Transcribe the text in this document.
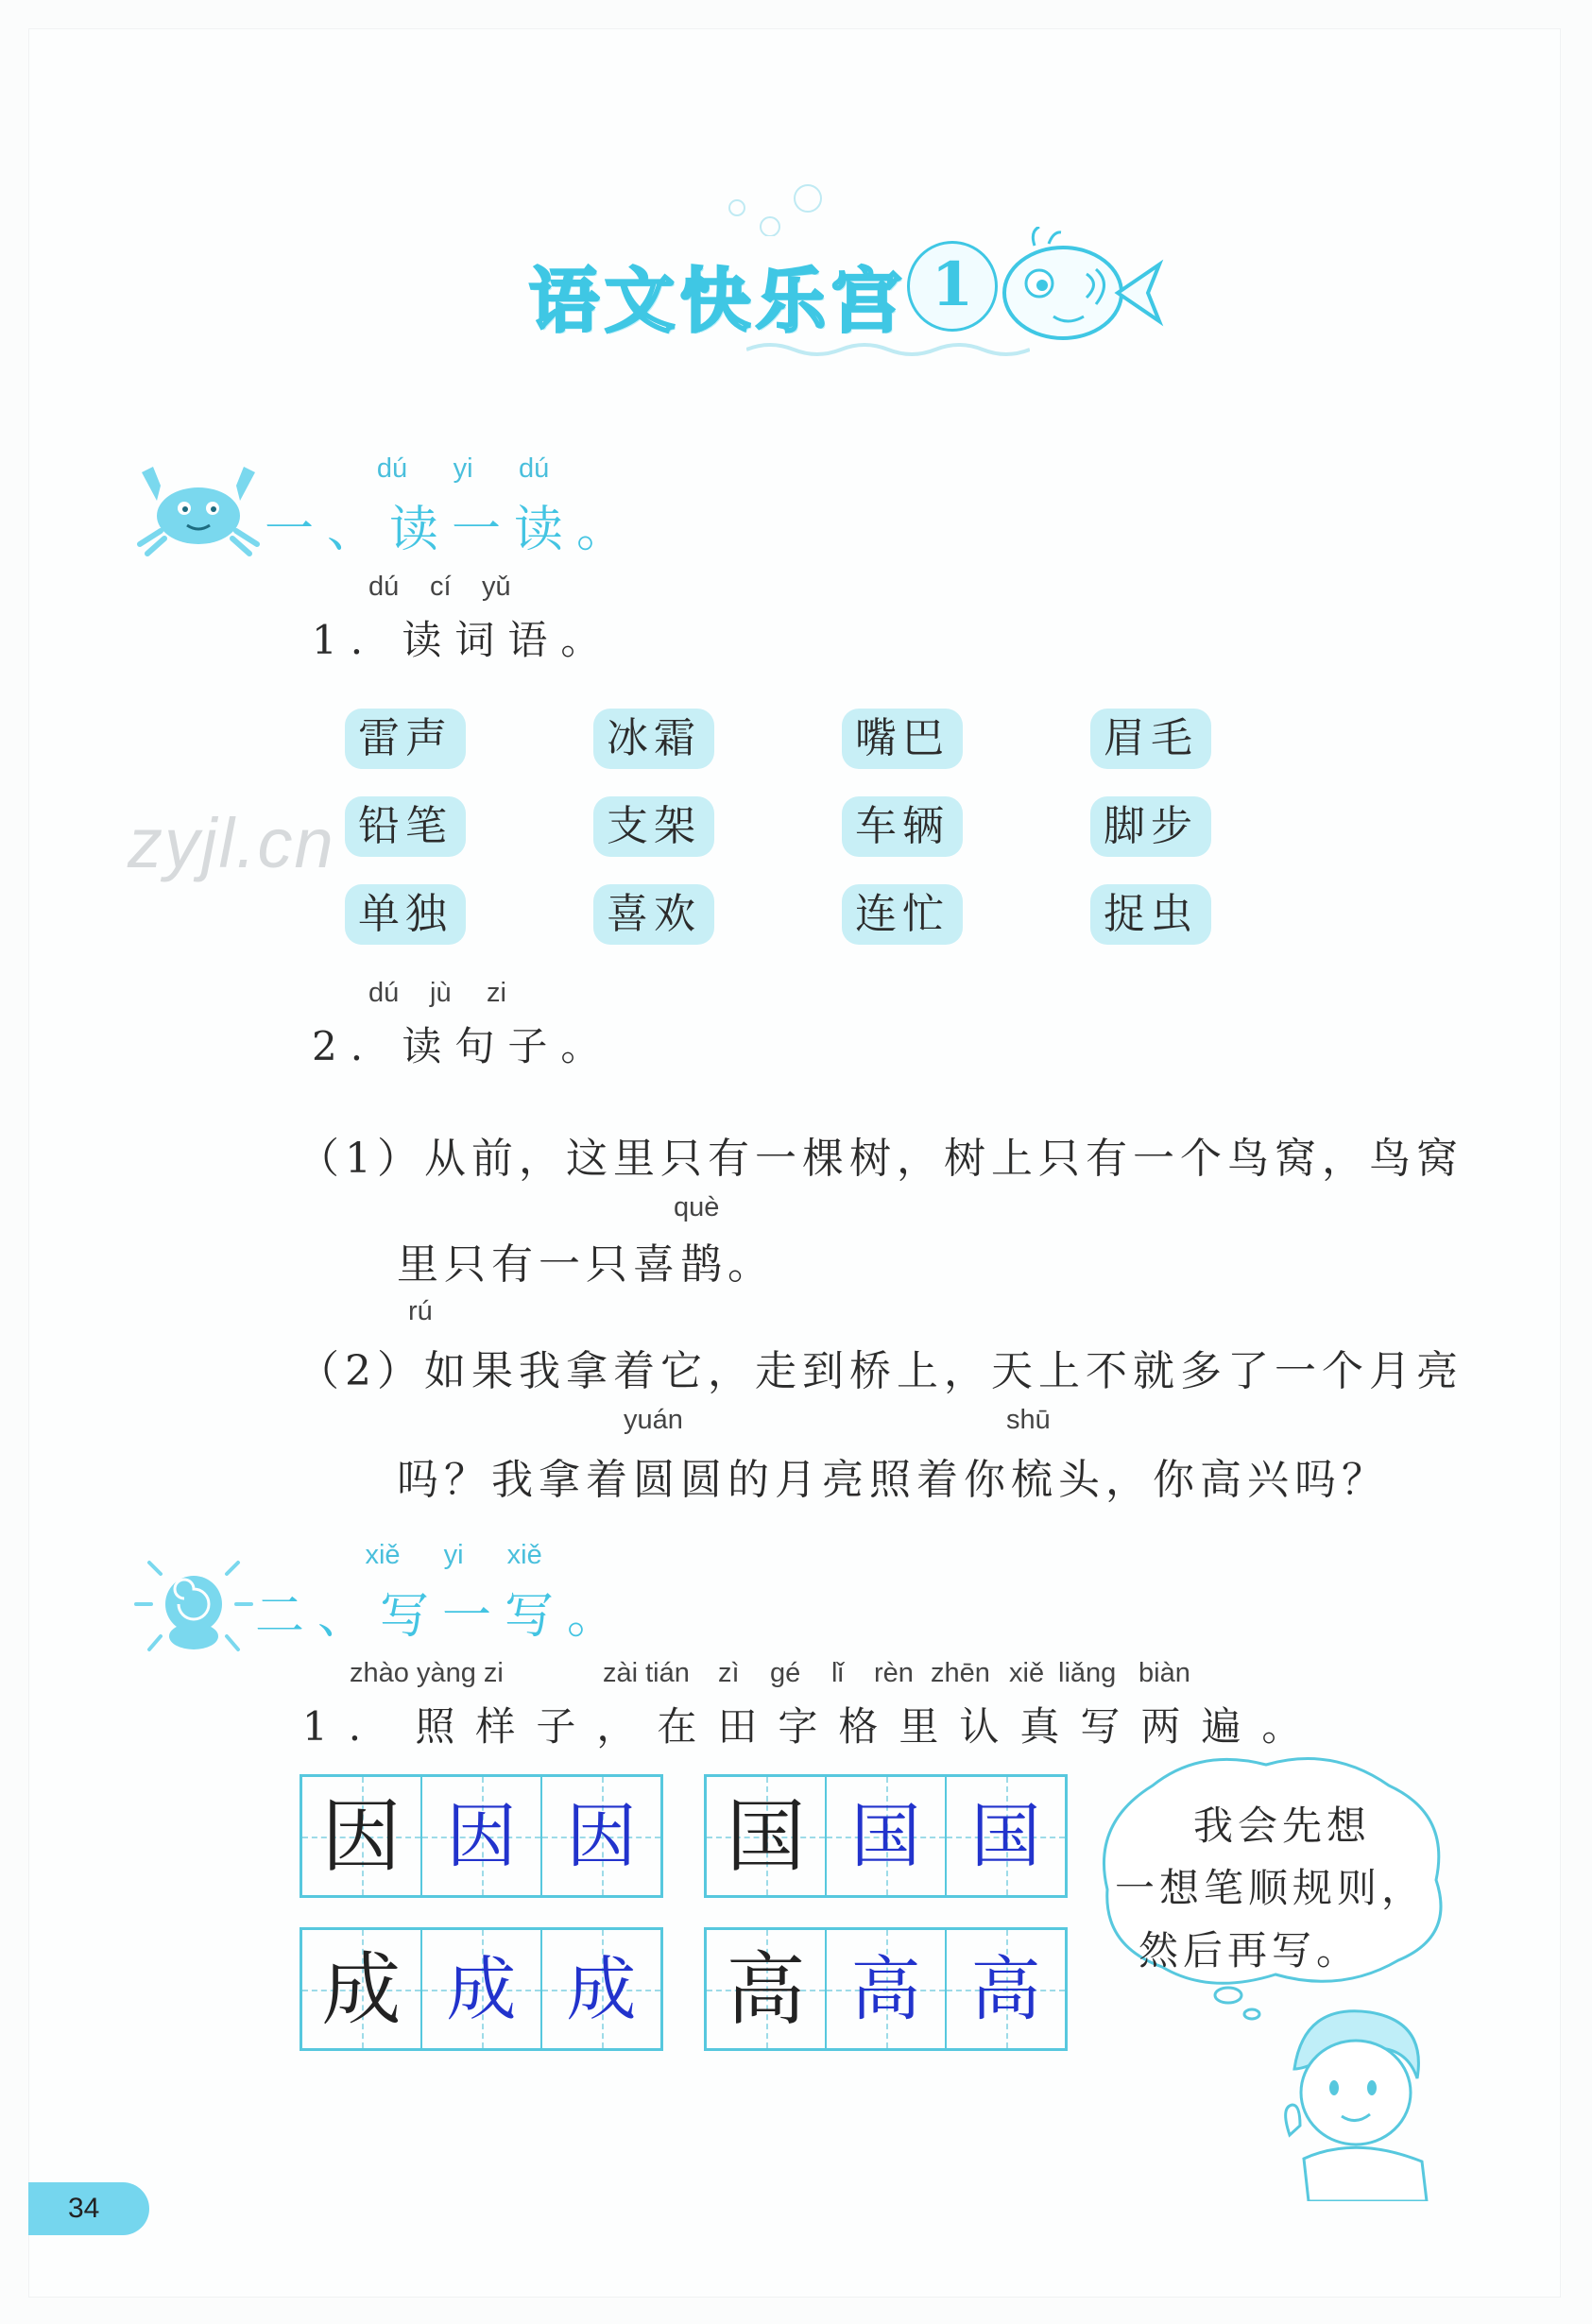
语文快乐宫 1
dú yi dú
一、读一读。
dú cí yǔ
1. 读词语。
雷声	冰霜	嘴巴	眉毛
铅笔	支架	车辆	脚步
单独	喜欢	连忙	捉虫
zyjl.cn
dú jù zi
2. 读句子。
（1）从前，这里只有一棵树，树上只有一个鸟窝，鸟窝
què
里只有一只喜鹊。
rú
（2）如果我拿着它，走到桥上，天上不就多了一个月亮
yuán	shū
吗？我拿着圆圆的月亮照着你梳头，你高兴吗？
xiě yi xiě
二、写一写。
zhào yàng zi	zài tián zì gé lǐ rèn zhēn xiě liǎng biàn
1. 照样子，在田字格里认真写两遍。
因 因 因 国 国 国
成 成 成 高 高 高
我会先想
一想笔顺规则，
然后再写。
34
